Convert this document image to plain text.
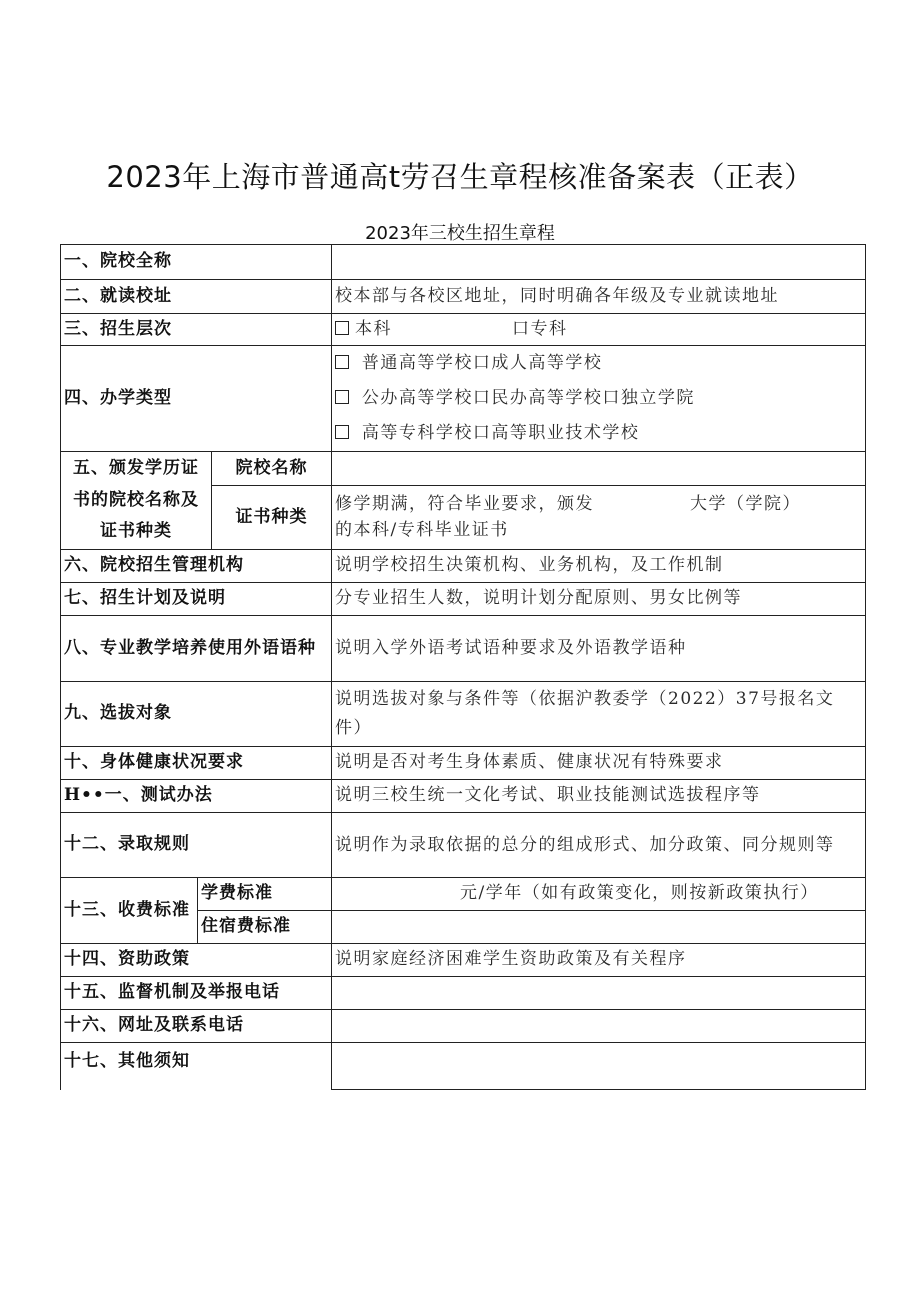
2023年上海市普通高t劳召生章程核准备案表（正表）
2023年三校生招生章程
一、院校全称			
二、就读校址			校本部与各校区地址，同时明确各年级及专业就读地址
三、招生层次			本科 口专科
四、办学类型			普通高等学校口成人高等学校
公办高等学校口民办高等学校口独立学院
高等专科学校口高等职业技术学校

五、颁发学历证书的院校名称及证书种类		院校名称	
		证书种类	修学期满，符合毕业要求，颁发 大学（学院）
的本科/专科毕业证书
六、院校招生管理机构			说明学校招生决策机构、业务机构，及工作机制
七、招生计划及说明			分专业招生人数，说明计划分配原则、男女比例等
八、专业教学培养使用外语语种			说明入学外语考试语种要求及外语教学语种
九、选拔对象			说明选拔对象与条件等（依据沪教委学（2022）37号报名文件）
十、身体健康状况要求			说明是否对考生身体素质、健康状况有特殊要求
H••一、测试办法			说明三校生统一文化考试、职业技能测试选拔程序等
十二、录取规则			说明作为录取依据的总分的组成形式、加分政策、同分规则等
十三、收费标准	学费标准		元/学年（如有政策变化，则按新政策执行）
	住宿费标准		
十四、资助政策			说明家庭经济困难学生资助政策及有关程序
十五、监督机制及举报电话			
十六、网址及联系电话			
十七、其他须知			
